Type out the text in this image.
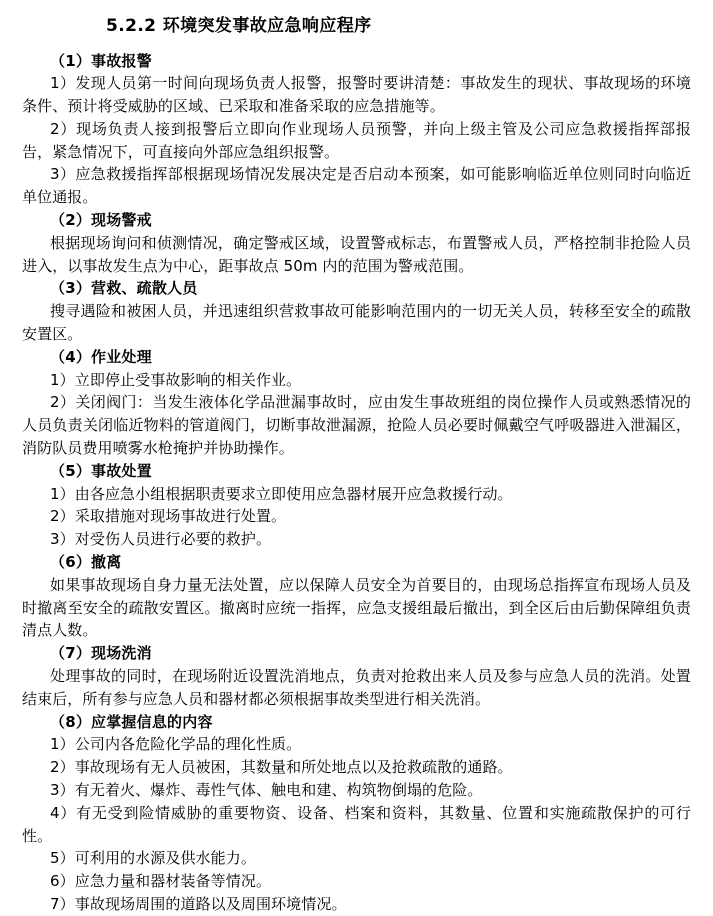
5.2.2 环境突发事故应急响应程序

（1）事故报警

1）发现人员第一时间向现场负责人报警，报警时要讲清楚：事故发生的现状、事故现场的环境条件、预计将受威胁的区域、已采取和准备采取的应急措施等。

2）现场负责人接到报警后立即向作业现场人员预警，并向上级主管及公司应急救援指挥部报告，紧急情况下，可直接向外部应急组织报警。

3）应急救援指挥部根据现场情况发展决定是否启动本预案，如可能影响临近单位则同时向临近单位通报。

（2）现场警戒

根据现场询问和侦测情况，确定警戒区域，设置警戒标志，布置警戒人员，严格控制非抢险人员进入，以事故发生点为中心，距事故点 50m 内的范围为警戒范围。

（3）营救、疏散人员

搜寻遇险和被困人员，并迅速组织营救事故可能影响范围内的一切无关人员，转移至安全的疏散安置区。

（4）作业处理

1）立即停止受事故影响的相关作业。

2）关闭阀门：当发生液体化学品泄漏事故时，应由发生事故班组的岗位操作人员或熟悉情况的人员负责关闭临近物料的管道阀门，切断事故泄漏源，抢险人员必要时佩戴空气呼吸器进入泄漏区，消防队员费用喷雾水枪掩护并协助操作。

（5）事故处置

1）由各应急小组根据职责要求立即使用应急器材展开应急救援行动。

2）采取措施对现场事故进行处置。

3）对受伤人员进行必要的救护。

（6）撤离

如果事故现场自身力量无法处置，应以保障人员安全为首要目的，由现场总指挥宣布现场人员及时撤离至安全的疏散安置区。撤离时应统一指挥，应急支援组最后撤出，到全区后由后勤保障组负责清点人数。

（7）现场洗消

处理事故的同时，在现场附近设置洗消地点，负责对抢救出来人员及参与应急人员的洗消。处置结束后，所有参与应急人员和器材都必须根据事故类型进行相关洗消。

（8）应掌握信息的内容

1）公司内各危险化学品的理化性质。

2）事故现场有无人员被困，其数量和所处地点以及抢救疏散的通路。

3）有无着火、爆炸、毒性气体、触电和建、构筑物倒塌的危险。

4）有无受到险情威胁的重要物资、设备、档案和资料，其数量、位置和实施疏散保护的可行性。

5）可利用的水源及供水能力。

6）应急力量和器材装备等情况。

7）事故现场周围的道路以及周围环境情况。
